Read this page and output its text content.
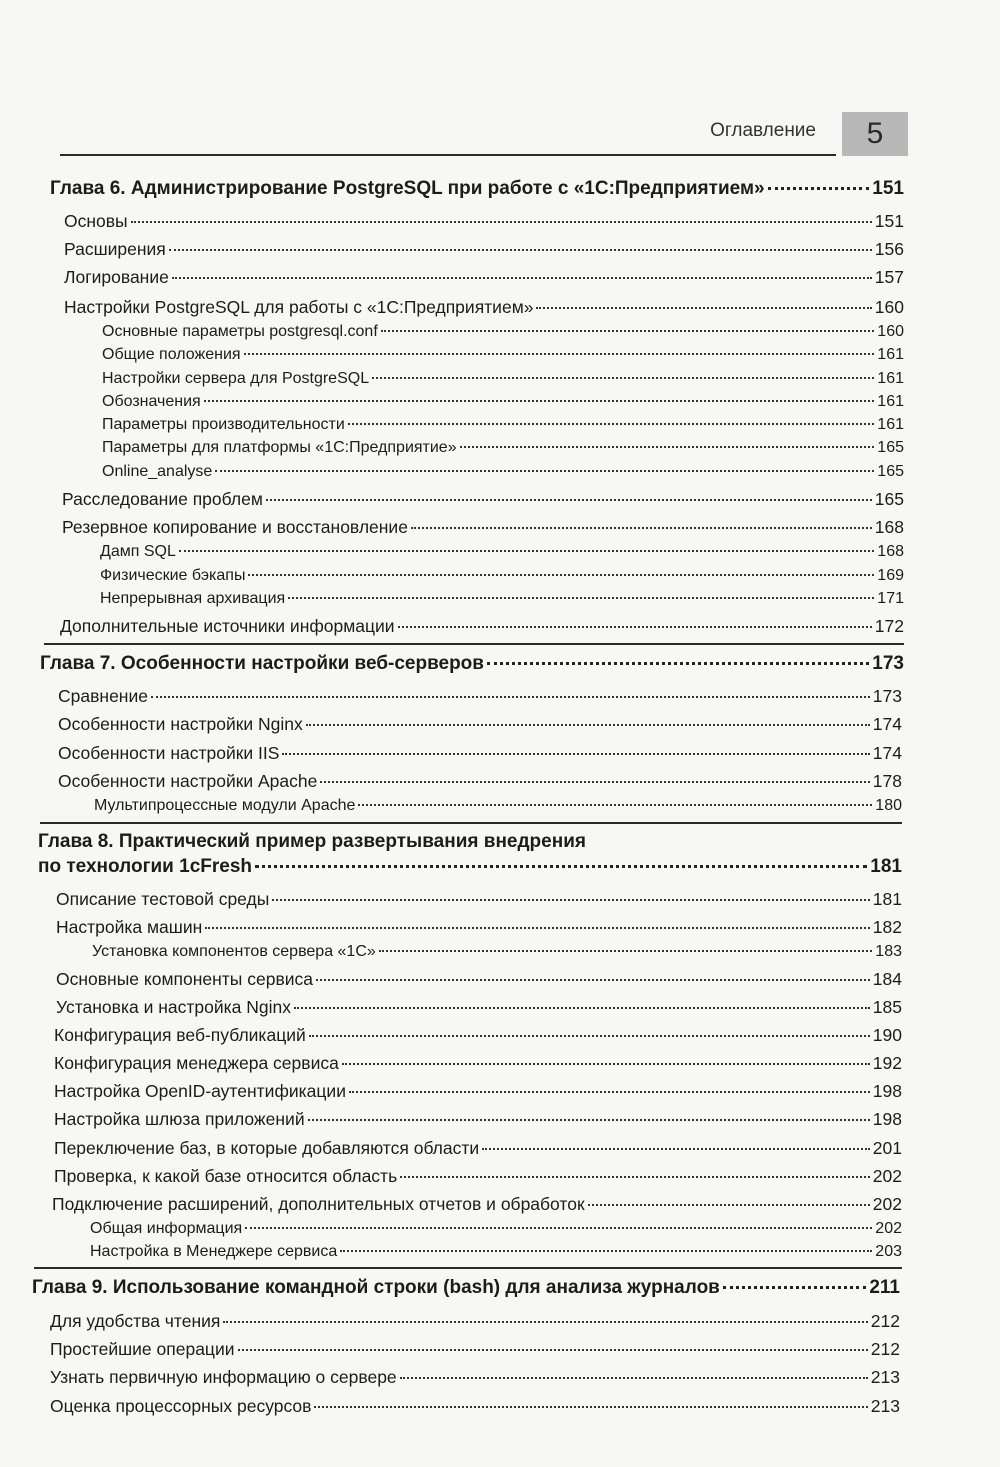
Оглавление	5
Глава 6. Администрирование PostgreSQL при работе с «1С:Предприятием»	151
Основы	151
Расширения	156
Логирование	157
Настройки PostgreSQL для работы с «1С:Предприятием»	160
Основные параметры postgresql.conf	160
Общие положения	161
Настройки сервера для PostgreSQL	161
Обозначения	161
Параметры производительности	161
Параметры для платформы «1С:Предприятие»	165
Online_analyse	165
Расследование проблем	165
Резервное копирование и восстановление	168
Дамп SQL	168
Физические бэкапы	169
Непрерывная архивация	171
Дополнительные источники информации	172
Глава 7. Особенности настройки веб-серверов	173
Сравнение	173
Особенности настройки Nginx	174
Особенности настройки IIS	174
Особенности настройки Apache	178
Мультипроцессные модули Apache	180
Глава 8. Практический пример развертывания внедрения
по технологии 1cFresh	181
Описание тестовой среды	181
Настройка машин	182
Установка компонентов сервера «1С»	183
Основные компоненты сервиса	184
Установка и настройка Nginx	185
Конфигурация веб-публикаций	190
Конфигурация менеджера сервиса	192
Настройка OpenID-аутентификации	198
Настройка шлюза приложений	198
Переключение баз, в которые добавляются области	201
Проверка, к какой базе относится область	202
Подключение расширений, дополнительных отчетов и обработок	202
Общая информация	202
Настройка в Менеджере сервиса	203
Глава 9. Использование командной строки (bash) для анализа журналов	211
Для удобства чтения	212
Простейшие операции	212
Узнать первичную информацию о сервере	213
Оценка процессорных ресурсов	213
